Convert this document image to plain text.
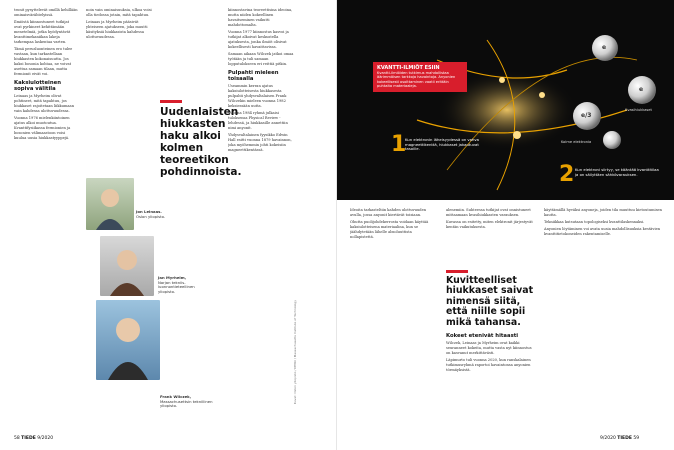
tronit pysyttelevät omillä kehillään ominaisvärähtelyissä.

Ilmiöstä kiinnostuneet tutkijat ovat pyrkineet kehittämään menetelmiä, jotka hyödyntävät kvanttimekaniikan lakeja tarkempaa laskentaa varten.

Tämä perusluonteinen ero tulee vastaan, kun tarkastellaan hiukkasten kokonaisuutta. Jos kaksi bosonia kohtaa, ne voivat asettua samaan tilaan, mutta fermionit eivät voi.

Kaksiulotteinen sopiva välitila

Leinaas ja Myrheim olivat pohtineet, mitä tapahtuu, jos hiukkaset rajoitetaan liikkumaan vain kahdessa ulottuvuudessa.

Vuonna 1976 mielenkiintoinen ajatus alkoi muotoutua. Kvanttifysiikassa fermionien ja bosonien välimaastoon voisi kuulua uusia hiukkastyyppejä.

noin vain ominaisuuksia, ulkoa voisi olla tiedossa jotain, mitä tapahtuu.

Leinaas ja Myrheim pääsivät yhteiseen ajatukseen, joka muutti käsityksiä hiukkasista kahdessa ulottuvuudessa.

Uudenlaisten hiukkasten haku alkoi kolmen teoreetikon pohdinnoista.
Jon Leinaas.
Oslon yliopisto.
Jan Myrheim,
Norjan tekniis-luonnontieteellinen yliopisto.
Frank Wilczek,
Massachusettsin teknillinen yliopisto.

kiinnostavina teoreettisina ideoina, mutta niiden kokeellinen havaitseminen vaikutti mahdottomalta.

Vuonna 1977 kiinnostus kasvoi ja tutkijat alkoivat keskustella ajatuksesta, jonka ilmiöt olisivat kokeellisesti havaittavissa.

Samaan aikaan Wilczek jatkoi omaa työtään ja tuli samaan lopputulokseen eri reittiä pitkin.

Pulpahti mieleen toisaalla

Useammin kerran ajatus kaksiulotteisesta hiukkasesta pulpahti yhdysvaltalaisen Frank Wilczekin mieleen vuonna 1982 keksiessään uutta.

Vuonna 1984 ryhmä julkaisi tuloksensa Physical Review -lehdessä, ja hiukkasille annettiin nimi anyonit.

Yhdysvaltalainen fyysikko Edwin Hall esitti vuonna 1879 havainnon, joka myöhemmin johti kokeisiin magneettikentässä.

Kuvat: Oslon yliopisto / NTNU / Massachusetts Institute of Technology
58 TIEDE 9/2020
KVANTTI-ILMIÖT ESIIN
Kvantti-ilmiöiden tutkimus mahdollistaa äärimmäisen tarkkoja havaintoja. Anyonien kokeellisesti osoittaminen vaatii erittäin puhtaita materiaaleja.
1
Kun elektronin läheisyydessä on vahva magneettikenttä, hiukkaset jakautuvat tasoille.
2 Kun elektroni siirtyy, se kääntää kvanttitilaa ja on säilyttäen sähkövarauksen.
e
e/3
e
Kolme elektronia
Kvasihiukkaset

Ideoita tarkasteltiin kahden ulottuvuuden avulla, jossa anyonit kiertävät toisiaan.

Ohutta puolijohdekerrosta voidaan käyttää kaksiulotteisena materiaalina, kun se jäähdytetään lähelle absoluuttista nollapistettä.

alenemiin. Suhteessa tutkijat ovat onnistuneet mittaamaan kvasihiukkasten varauksen.

Kuvassa on esitetty, miten elektronit järjestyvät kentän vaikutuksesta.

Kuvitteelliset hiukkaset saivat nimensä siitä, että niille sopii mikä tahansa.
Kokeet etenivät hitaasti

Wilczek, Leinaas ja Myrheim ovat kaikki seuranneet kokeita, mutta vasta nyt kiinnostus on kasvanut merkittävästi.

Läpimurto tuli vuonna 2020, kun ranskalainen tutkimusryhmä raportoi havaintonsa anyonien törmäyksistä.

käyttämällä hyväksi anyoneja, joiden tila muuttuu kietoutumisen kautta.

Tekniikkaa kutsutaan topologiseksi kvanttilaskennaksi.

Anyonien löytäminen voi avata uusia mahdollisuuksia kestävien kvanttitietokoneiden rakentamiselle.

9/2020 TIEDE 59
